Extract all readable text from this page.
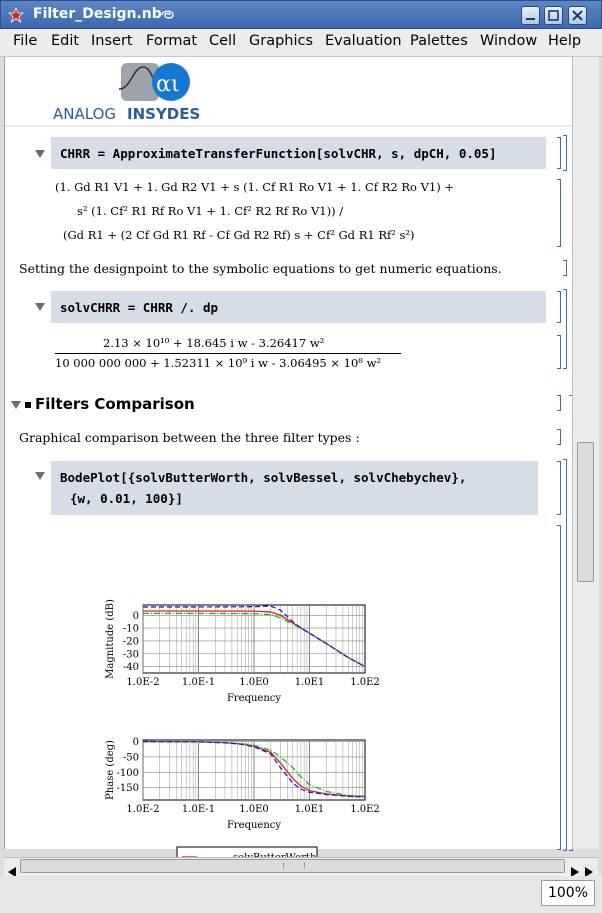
Filter_Design.nb
File Edit Insert Format Cell Graphics Evaluation Palettes Window Help
αι
ANALOG INSYDES
CHRR = ApproximateTransferFunction[solvCHR, s, dpCH, 0.05]
(1. Gd R1 V1 + 1. Gd R2 V1 + s (1. Cf R1 Ro V1 + 1. Cf R2 Ro V1) +
s² (1. Cf² R1 Rf Ro V1 + 1. Cf² R2 Rf Ro V1)) /
(Gd R1 + (2 Cf Gd R1 Rf - Cf Gd R2 Rf) s + Cf² Gd R1 Rf² s²)
Setting the designpoint to the symbolic equations to get numeric equations.
solvCHRR = CHRR /. dp
2.13 × 10¹⁰ + 18.645 i w - 3.26417 w²
10 000 000 000 + 1.52311 × 10⁹ i w - 3.06495 × 10⁸ w²
Filters Comparison
Graphical comparison between the three filter types :
BodePlot[{solvButterWorth, solvBessel, solvChebychev},
{w, 0.01, 100}]
0
-10
-20
-30
-40
1.0E-2 1.0E-1 1.0E0	1.0E1	1.0E2
Frequency
Magnitude (dB)
0
-50
-100
-150
1.0E-2 1.0E-1 1.0E0	1.0E1	1.0E2
Frequency
Phase (deg)
100%
